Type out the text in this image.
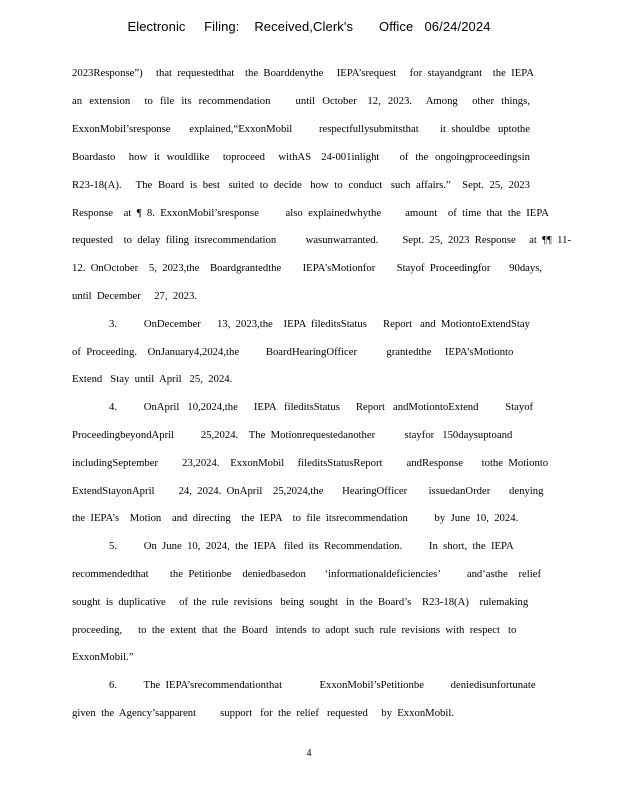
Electronic     Filing:    Received,Clerk's       Office   06/24/2024
2023Response”)     that  requestedthat    the  Boarddenythe     IEPA’srequest     for  stayandgrant    the  IEPA
an  extension    to  file  its  recommendation       until  October   12,  2023.    Among    other  things,
ExxonMobil’sresponse       explained,“ExxonMobil          respectfullysubmitsthat        it  shouldbe   uptothe
Boardasto    how  it  wouldlike    toproceed    withAS   24-001inlight      of  the  ongoingproceedingsin
R23-18(A).     The  Board  is  best   suited  to  decide   how  to  conduct   such  affairs.”    Sept.  25,  2023
Response    at  ¶  8.  ExxonMobil’sresponse          also  explainedwhythe         amount    of  time  that  the  IEPA
requested    to  delay  filing  itsrecommendation           wasunwarranted.         Sept.  25,  2023  Response     at  ¶¶  11-
12.  OnOctober    5,  2023,the    Boardgrantedthe        IEPA’sMotionfor        Stayof  Proceedingfor       90days,
until  December     27,  2023.
3.          OnDecember      13,  2023,the    IEPA  fileditsStatus      Report   and  MotiontoExtendStay
of  Proceeding.    OnJanuary4,2024,the          BoardHearingOfficer           grantedthe     IEPA’sMotionto
Extend   Stay  until  April   25,  2024.
4.          OnApril   10,2024,the      IEPA   fileditsStatus      Report   andMotiontoExtend          Stayof
ProceedingbeyondApril          25,2024.    The  Motionrequestedanother           stayfor   150daysuptoand
includingSeptember         23,2024.    ExxonMobil     fileditsStatusReport         andResponse       tothe  Motionto
ExtendStayonApril         24,  2024.  OnApril    25,2024,the       HearingOfficer        issuedanOrder       denying
the  IEPA’s    Motion    and  directing    the  IEPA    to  file  itsrecommendation          by  June  10,  2024.
5.          On  June  10,  2024,  the  IEPA   filed  its  Recommendation.          In  short,  the  IEPA
recommendedthat        the  Petitionbe    deniedbasedon       ‘informationaldeficiencies’          and‘asthe    relief
sought  is  duplicative     of  the  rule  revisions   being  sought   in  the  Board’s    R23-18(A)    rulemaking
proceeding,      to  the  extent  that  the  Board   intends  to  adopt  such  rule  revisions  with  respect   to
ExxonMobil.”
6.          The  IEPA’srecommendationthat              ExxonMobil’sPetitionbe          deniedisunfortunate
given  the  Agency’sapparent         support   for  the  relief   requested     by  ExxonMobil.
4
